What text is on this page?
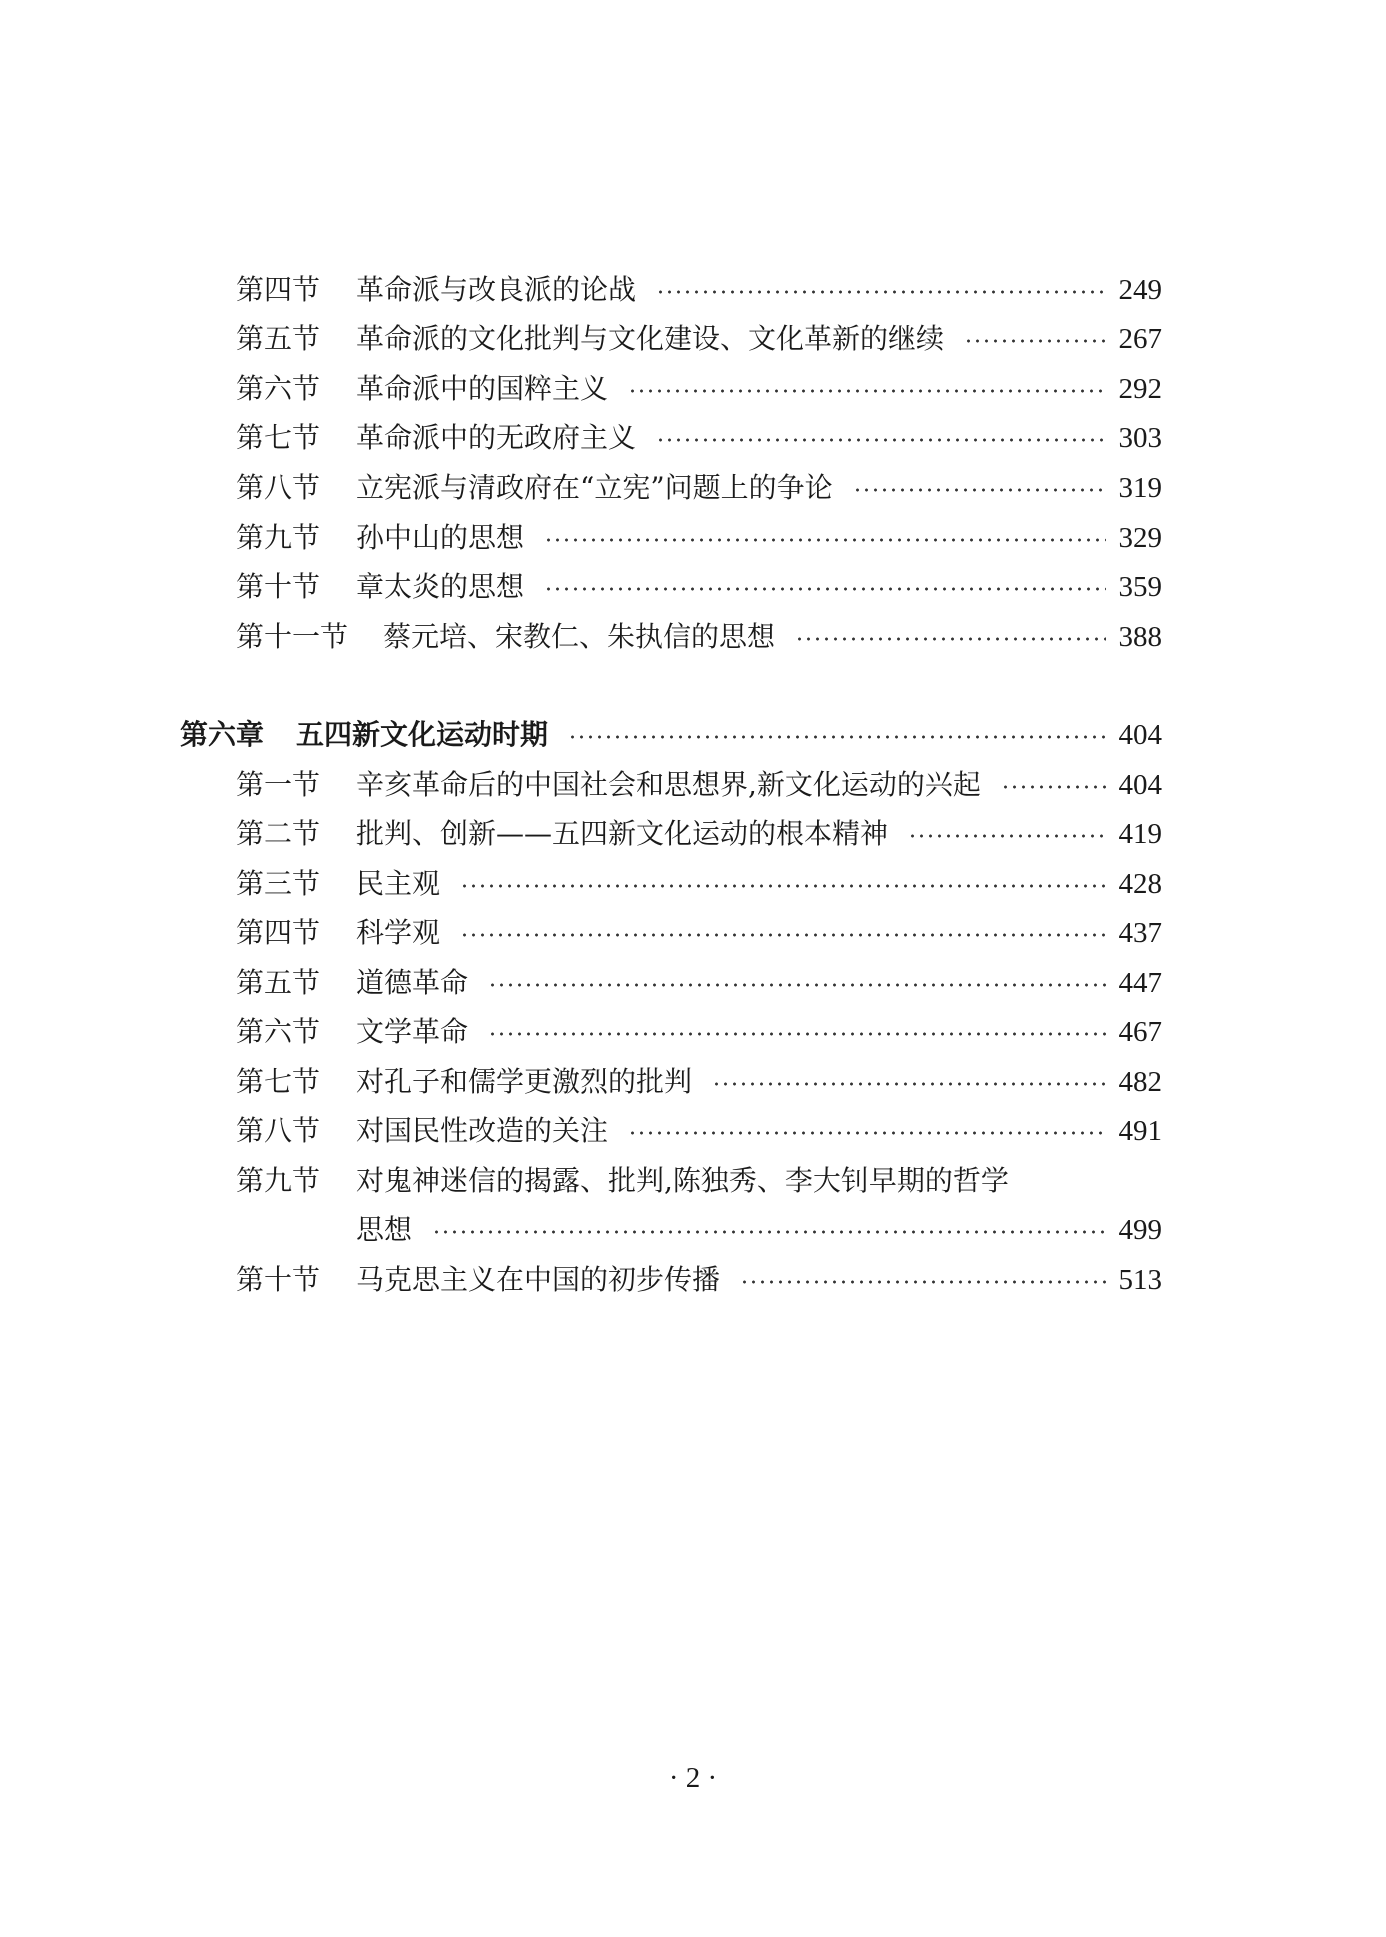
第四节	革命派与改良派的论战	249
第五节	革命派的文化批判与文化建设、文化革新的继续	267
第六节	革命派中的国粹主义	292
第七节	革命派中的无政府主义	303
第八节	立宪派与清政府在“立宪”问题上的争论	319
第九节	孙中山的思想	329
第十节	章太炎的思想	359
第十一节	蔡元培、宋教仁、朱执信的思想	388
第六章	五四新文化运动时期	404
第一节	辛亥革命后的中国社会和思想界,新文化运动的兴起	404
第二节	批判、创新——五四新文化运动的根本精神	419
第三节	民主观	428
第四节	科学观	437
第五节	道德革命	447
第六节	文学革命	467
第七节	对孔子和儒学更激烈的批判	482
第八节	对国民性改造的关注	491
第九节	对鬼神迷信的揭露、批判,陈独秀、李大钊早期的哲学
思想	499
第十节	马克思主义在中国的初步传播	513
· 2 ·
